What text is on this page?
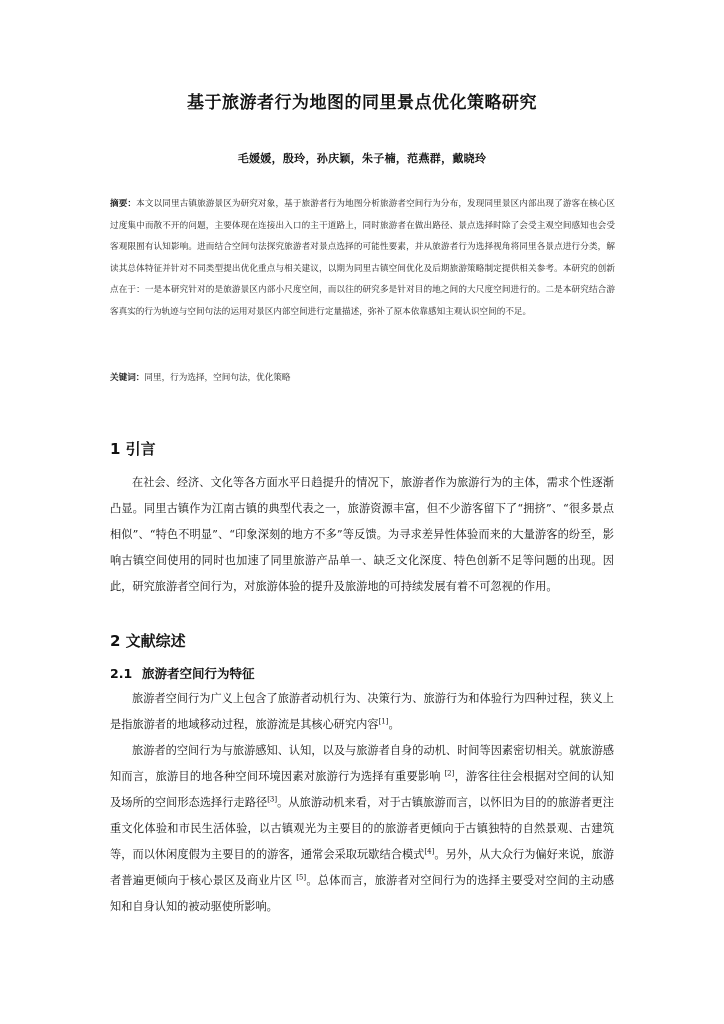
基于旅游者行为地图的同里景点优化策略研究
毛媛媛，殷玲，孙庆颖，朱子楠，范燕群，戴晓玲
摘要：本文以同里古镇旅游景区为研究对象，基于旅游者行为地图分析旅游者空间行为分布，发现同里景区内部出现了游客在核心区过度集中而散不开的问题，主要体现在连接出入口的主干道路上，同时旅游者在做出路径、景点选择时除了会受主观空间感知也会受客观限囿有认知影响。进而结合空间句法探究旅游者对景点选择的可能性要素，并从旅游者行为选择视角将同里各景点进行分类，解读其总体特征并针对不同类型提出优化重点与相关建议，以期为同里古镇空间优化及后期旅游策略制定提供相关参考。本研究的创新点在于：一是本研究针对的是旅游景区内部小尺度空间，而以往的研究多是针对目的地之间的大尺度空间进行的。二是本研究结合游客真实的行为轨迹与空间句法的运用对景区内部空间进行定量描述，弥补了原本依靠感知主观认识空间的不足。
关键词：同里，行为选择，空间句法，优化策略
1 引言
在社会、经济、文化等各方面水平日趋提升的情况下，旅游者作为旅游行为的主体，需求个性逐渐凸显。同里古镇作为江南古镇的典型代表之一，旅游资源丰富，但不少游客留下了“拥挤”、“很多景点相似”、“特色不明显”、“印象深刻的地方不多”等反馈。为寻求差异性体验而来的大量游客的纷至，影响古镇空间使用的同时也加速了同里旅游产品单一、缺乏文化深度、特色创新不足等问题的出现。因此，研究旅游者空间行为，对旅游体验的提升及旅游地的可持续发展有着不可忽视的作用。
2 文献综述
2.1 旅游者空间行为特征
旅游者空间行为广义上包含了旅游者动机行为、决策行为、旅游行为和体验行为四种过程，狭义上是指旅游者的地域移动过程，旅游流是其核心研究内容[1]。
旅游者的空间行为与旅游感知、认知，以及与旅游者自身的动机、时间等因素密切相关。就旅游感知而言，旅游目的地各种空间环境因素对旅游行为选择有重要影响 [2]，游客往往会根据对空间的认知及场所的空间形态选择行走路径[3]。从旅游动机来看，对于古镇旅游而言，以怀旧为目的的旅游者更注重文化体验和市民生活体验，以古镇观光为主要目的的旅游者更倾向于古镇独特的自然景观、古建筑等，而以休闲度假为主要目的的游客，通常会采取玩歇结合模式[4]。另外，从大众行为偏好来说，旅游者普遍更倾向于核心景区及商业片区 [5]。总体而言，旅游者对空间行为的选择主要受对空间的主动感知和自身认知的被动驱使所影响。
